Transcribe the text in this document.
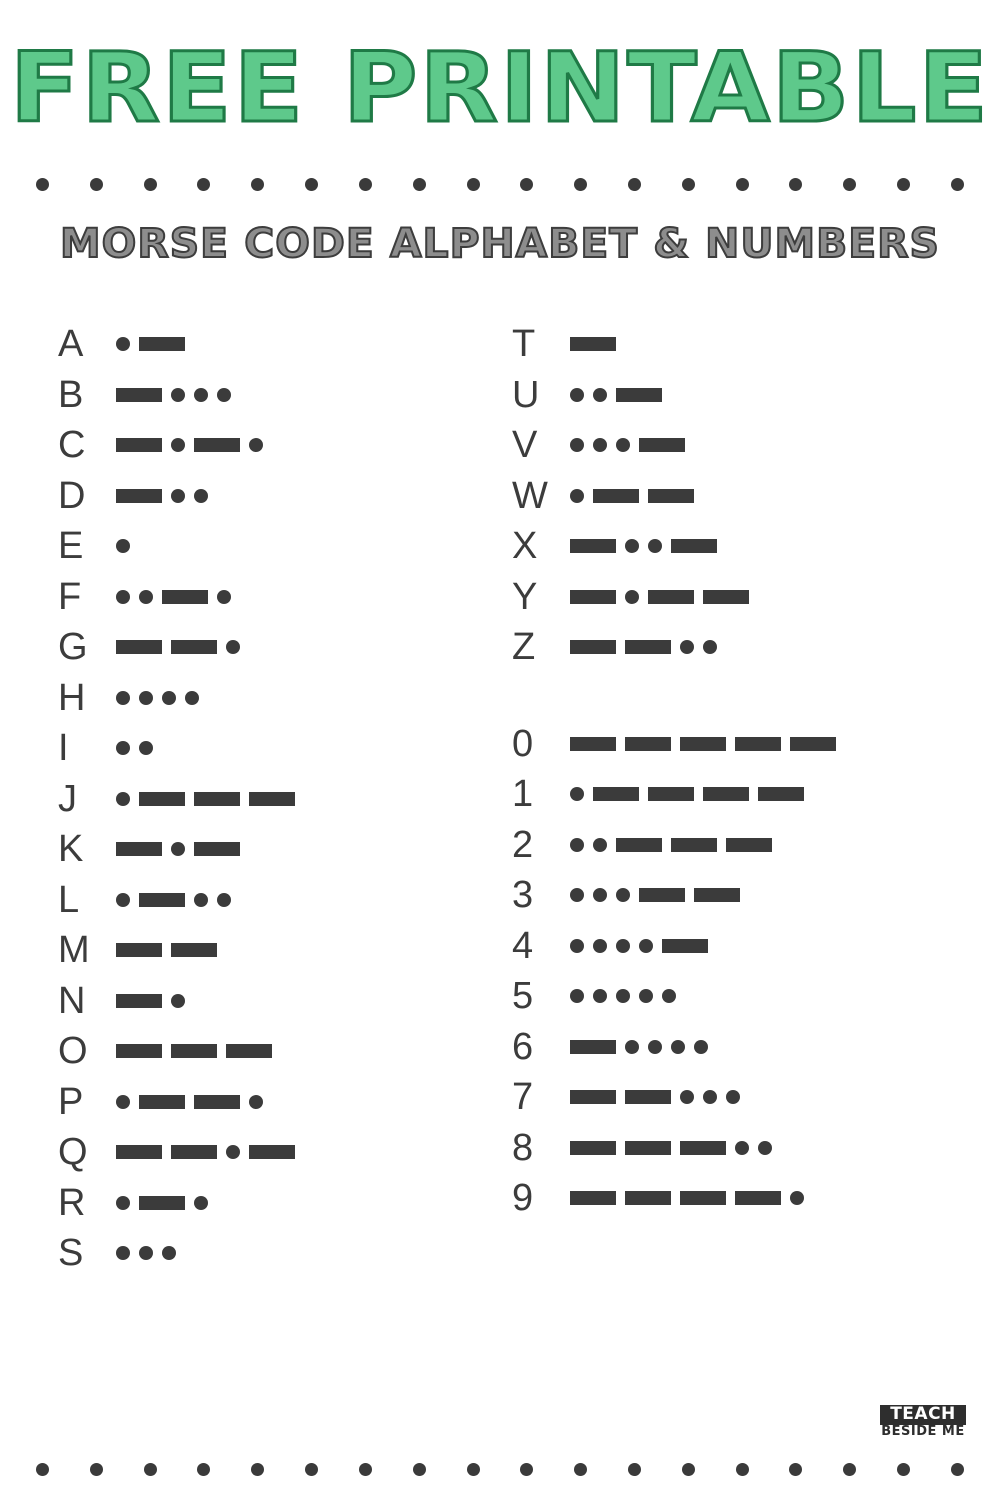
FREE PRINTABLE
MORSE CODE ALPHABET & NUMBERS
A
B
C
D
E
F
G
H
I
J
K
L
M
N
O
P
Q
R
S
T
U
V
W
X
Y
Z
0
1
2
3
4
5
6
7
8
9
TEACH
BESIDE ME
